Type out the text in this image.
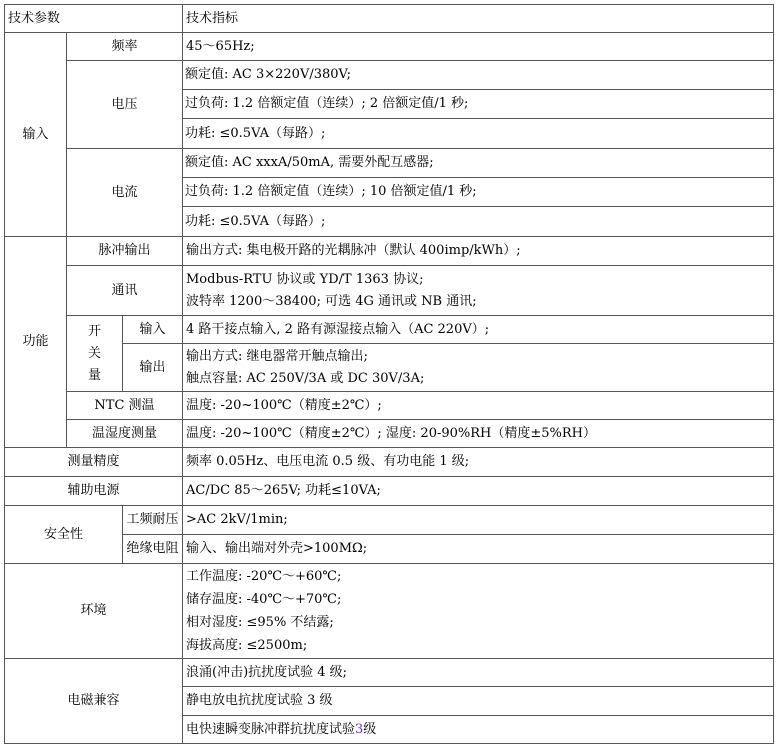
技术参数			技术指标
输入	频率		45～65Hz;
	电压		额定值: AC 3×220V/380V;
过负荷: 1.2 倍额定值（连续）; 2 倍额定值/1 秒;
功耗: ≤0.5VA（每路）;

	电流		额定值: AC xxxA/50mA, 需要外配互感器;
过负荷: 1.2 倍额定值（连续）; 10 倍额定值/1 秒;
功耗: ≤0.5VA（每路）;

功能	脉冲输出		输出方式: 集电极开路的光耦脉冲（默认 400imp/kWh）;
	通讯		Modbus-RTU 协议或 YD/T 1363 协议;
波特率 1200～38400; 可选 4G 通讯或 NB 通讯;

	开
关
量	输入	4 路干接点输入, 2 路有源湿接点输入（AC 220V）;
		输出	输出方式: 继电器常开触点输出;
触点容量: AC 250V/3A 或 DC 30V/3A;

	NTC 测温		温度: -20~100℃（精度±2℃）;
	温湿度测量		温度: -20~100℃（精度±2℃）; 湿度: 20-90%RH（精度±5%RH）
测量精度			频率 0.05Hz、电压电流 0.5 级、有功电能 1 级;
辅助电源			AC/DC 85～265V; 功耗≤10VA;
安全性		工频耐压	>AC 2kV/1min;
		绝缘电阻	输入、输出端对外壳>100MΩ;
环境			工作温度: -20℃～+60℃;
储存温度: -40℃～+70℃;
相对湿度: ≤95% 不结露;
海拔高度: ≤2500m;

电磁兼容			浪涌(冲击)抗扰度试验 4 级;
			静电放电抗扰度试验 3 级
			电快速瞬变脉冲群抗扰度试验3级
